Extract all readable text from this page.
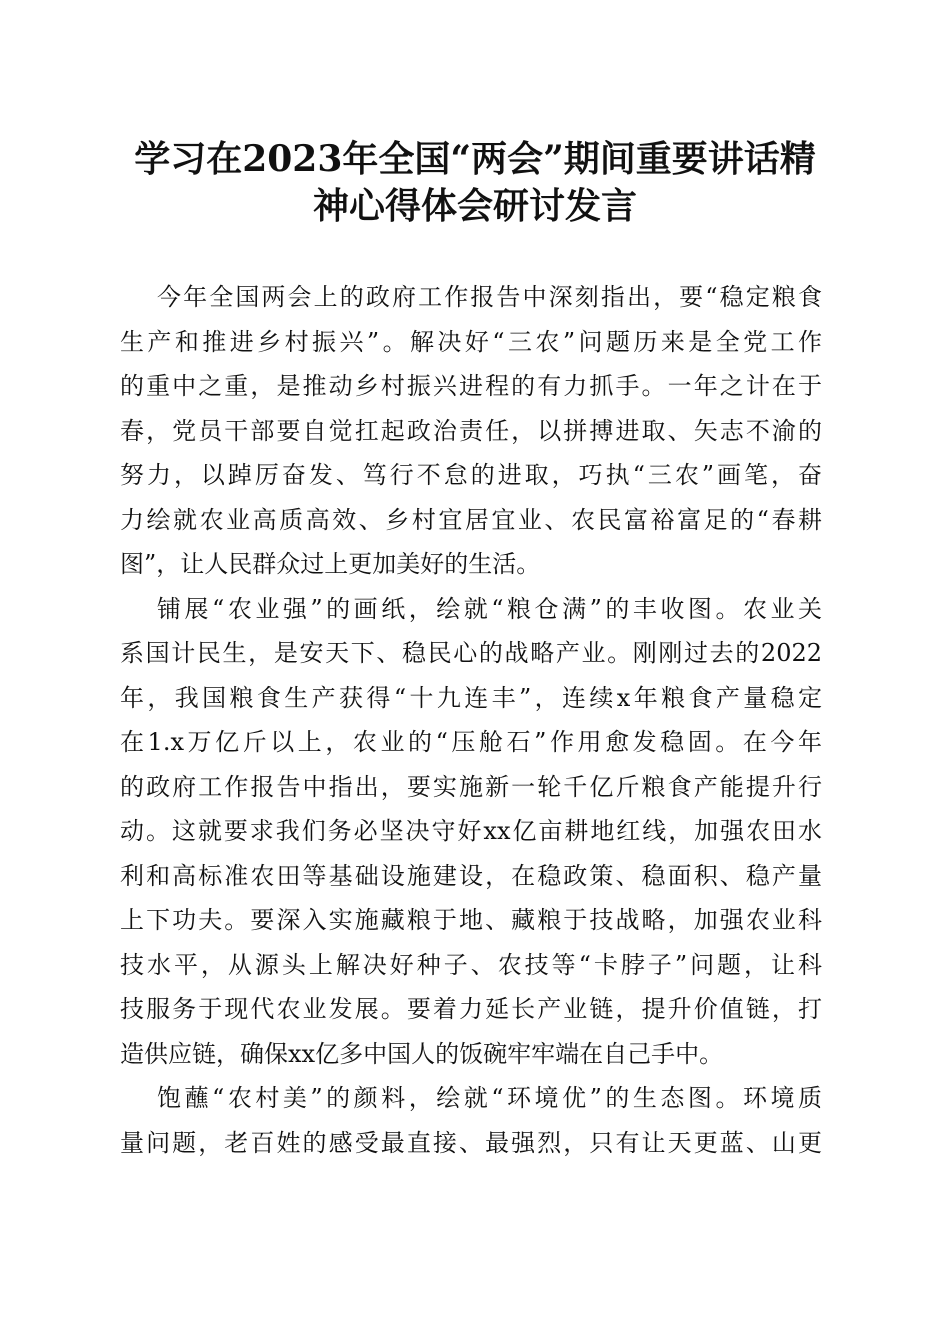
学习在2023年全国“两会”期间重要讲话精
神心得体会研讨发言
今年全国两会上的政府工作报告中深刻指出，要“稳定粮食
生产和推进乡村振兴”。解决好“三农”问题历来是全党工作
的重中之重，是推动乡村振兴进程的有力抓手。一年之计在于
春，党员干部要自觉扛起政治责任，以拼搏进取、矢志不渝的
努力，以踔厉奋发、笃行不怠的进取，巧执“三农”画笔，奋
力绘就农业高质高效、乡村宜居宜业、农民富裕富足的“春耕
图”，让人民群众过上更加美好的生活。
铺展“农业强”的画纸，绘就“粮仓满”的丰收图。农业关
系国计民生，是安天下、稳民心的战略产业。刚刚过去的2022
年，我国粮食生产获得“十九连丰”，连续x年粮食产量稳定
在1.x万亿斤以上，农业的“压舱石”作用愈发稳固。在今年
的政府工作报告中指出，要实施新一轮千亿斤粮食产能提升行
动。这就要求我们务必坚决守好xx亿亩耕地红线，加强农田水
利和高标准农田等基础设施建设，在稳政策、稳面积、稳产量
上下功夫。要深入实施藏粮于地、藏粮于技战略，加强农业科
技水平，从源头上解决好种子、农技等“卡脖子”问题，让科
技服务于现代农业发展。要着力延长产业链，提升价值链，打
造供应链，确保xx亿多中国人的饭碗牢牢端在自己手中。
饱蘸“农村美”的颜料，绘就“环境优”的生态图。环境质
量问题，老百姓的感受最直接、最强烈，只有让天更蓝、山更
